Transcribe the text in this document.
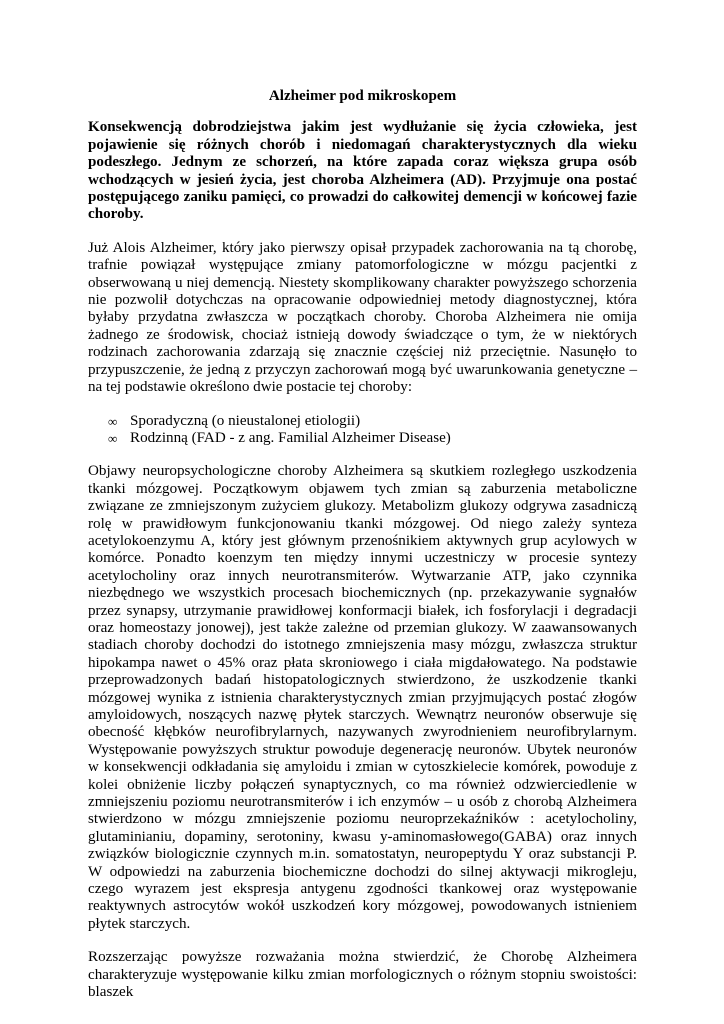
Alzheimer pod mikroskopem

Konsekwencją dobrodziejstwa jakim jest wydłużanie się życia człowieka, jest pojawienie się różnych chorób i niedomagań charakterystycznych dla wieku podeszłego. Jednym ze schorzeń, na które zapada coraz większa grupa osób wchodzących w jesień życia, jest choroba Alzheimera (AD). Przyjmuje ona postać postępującego zaniku pamięci, co prowadzi do całkowitej demencji w końcowej fazie choroby.

Już Alois Alzheimer, który jako pierwszy opisał przypadek zachorowania na tą chorobę, trafnie powiązał występujące zmiany patomorfologiczne w mózgu pacjentki z obserwowaną u niej demencją. Niestety skomplikowany charakter powyższego schorzenia nie pozwolił dotychczas na opracowanie odpowiedniej metody diagnostycznej, która byłaby przydatna zwłaszcza w początkach choroby. Choroba Alzheimera nie omija żadnego ze środowisk, chociaż istnieją dowody świadczące o tym, że w niektórych rodzinach zachorowania zdarzają się znacznie częściej niż przeciętnie. Nasunęło to przypuszczenie, że jedną z przyczyn zachorowań mogą być uwarunkowania genetyczne – na tej podstawie określono dwie postacie tej choroby:

∞ Sporadyczną (o nieustalonej etiologii)
∞ Rodzinną (FAD - z ang. Familial Alzheimer Disease)

Objawy neuropsychologiczne choroby Alzheimera są skutkiem rozległego uszkodzenia tkanki mózgowej. Początkowym objawem tych zmian są zaburzenia metaboliczne związane ze zmniejszonym zużyciem glukozy. Metabolizm glukozy odgrywa zasadniczą rolę w prawidłowym funkcjonowaniu tkanki mózgowej. Od niego zależy synteza acetylokoenzymu A, który jest głównym przenośnikiem aktywnych grup acylowych w komórce. Ponadto koenzym ten między innymi uczestniczy w procesie syntezy acetylocholiny oraz innych neurotransmiterów. Wytwarzanie ATP, jako czynnika niezbędnego we wszystkich procesach biochemicznych (np. przekazywanie sygnałów przez synapsy, utrzymanie prawidłowej konformacji białek, ich fosforylacji i degradacji oraz homeostazy jonowej), jest także zależne od przemian glukozy. W zaawansowanych stadiach choroby dochodzi do istotnego zmniejszenia masy mózgu, zwłaszcza struktur hipokampa nawet o 45% oraz płata skroniowego i ciała migdałowatego. Na podstawie przeprowadzonych badań histopatologicznych stwierdzono, że uszkodzenie tkanki mózgowej wynika z istnienia charakterystycznych zmian przyjmujących postać złogów amyloidowych, noszących nazwę płytek starczych. Wewnątrz neuronów obserwuje się obecność kłębków neurofibrylarnych, nazywanych zwyrodnieniem neurofibrylarnym. Występowanie powyższych struktur powoduje degenerację neuronów. Ubytek neuronów w konsekwencji odkładania się amyloidu i zmian w cytoszkielecie komórek, powoduje z kolei obniżenie liczby połączeń synaptycznych, co ma również odzwierciedlenie w zmniejszeniu poziomu neurotransmiterów i ich enzymów – u osób z chorobą Alzheimera stwierdzono w mózgu zmniejszenie poziomu neuroprzekaźników : acetylocholiny, glutaminianiu, dopaminy, serotoniny, kwasu y-aminomasłowego(GABA) oraz innych związków biologicznie czynnych m.in. somatostatyn, neuropeptydu Y oraz substancji P. W odpowiedzi na zaburzenia biochemiczne dochodzi do silnej aktywacji mikrogleju, czego wyrazem jest ekspresja antygenu zgodności tkankowej oraz występowanie reaktywnych astrocytów wokół uszkodzeń kory mózgowej, powodowanych istnieniem płytek starczych.

Rozszerzając powyższe rozważania można stwierdzić, że Chorobę Alzheimera charakteryzuje występowanie kilku zmian morfologicznych o różnym stopniu swoistości: blaszek
